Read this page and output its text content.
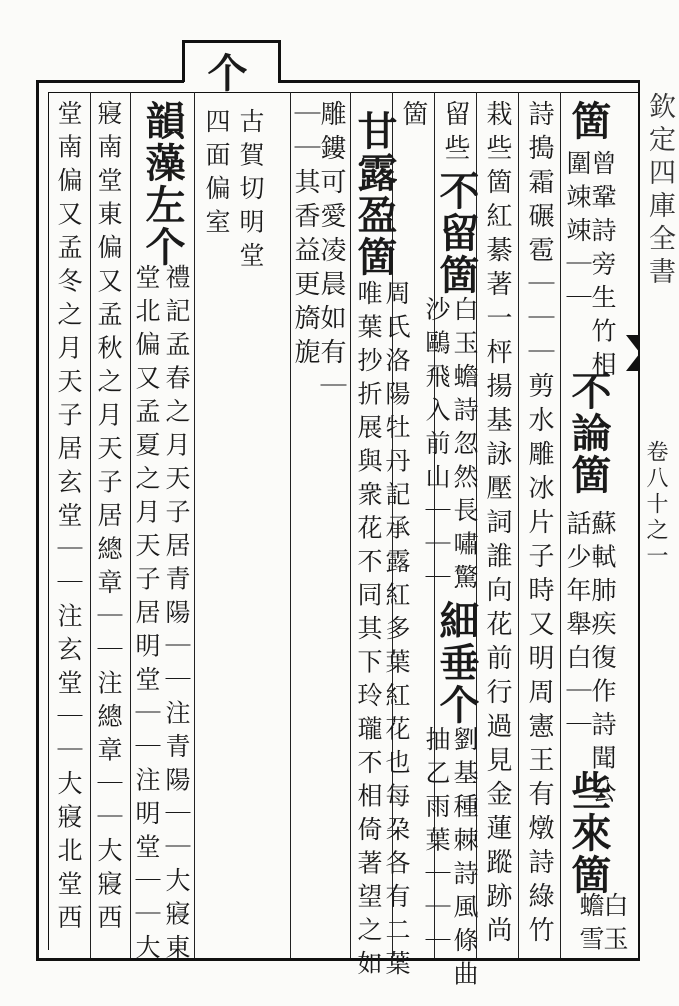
欽定四庫全書
卷八十之一
箇
曾鞏詩旁生竹相
圍竦竦｜｜
不論箇
蘇軾肺疾復作詩聞公
話少年舉白｜｜
些來箇
白玉
蟾雪
詩搗霜碾雹｜｜｜剪水雕冰片子時又明周憲王有燉詩綠竹
栽些箇紅綦著一枰揚基詠壓詞誰向花前行過見金蓮蹤跡尚
留些
不留箇
白玉蟾詩忽然長嘯驚
沙鷗飛入前山｜｜｜
細垂个
劉基種棘詩風條曲
抽乙雨葉｜｜｜
箇
甘露盈箇
周氏洛陽牡丹記承露紅多葉紅花也每朶各有二葉
唯葉抄折展與衆花不同其下玲瓏不相倚著望之如
雕鏤可愛凌晨如有｜
｜｜其香益更旖旎
个
古賀切明堂
四面偏室
韻藻左个
禮記孟春之月天子居青陽｜｜注青陽｜｜大寢東
堂北偏又孟夏之月天子居明堂｜｜注明堂｜｜大
寢南堂東偏又孟秋之月天子居總章｜｜注總章｜｜大寢西
堂南偏又孟冬之月天子居玄堂｜｜注玄堂｜｜大寢北堂西
